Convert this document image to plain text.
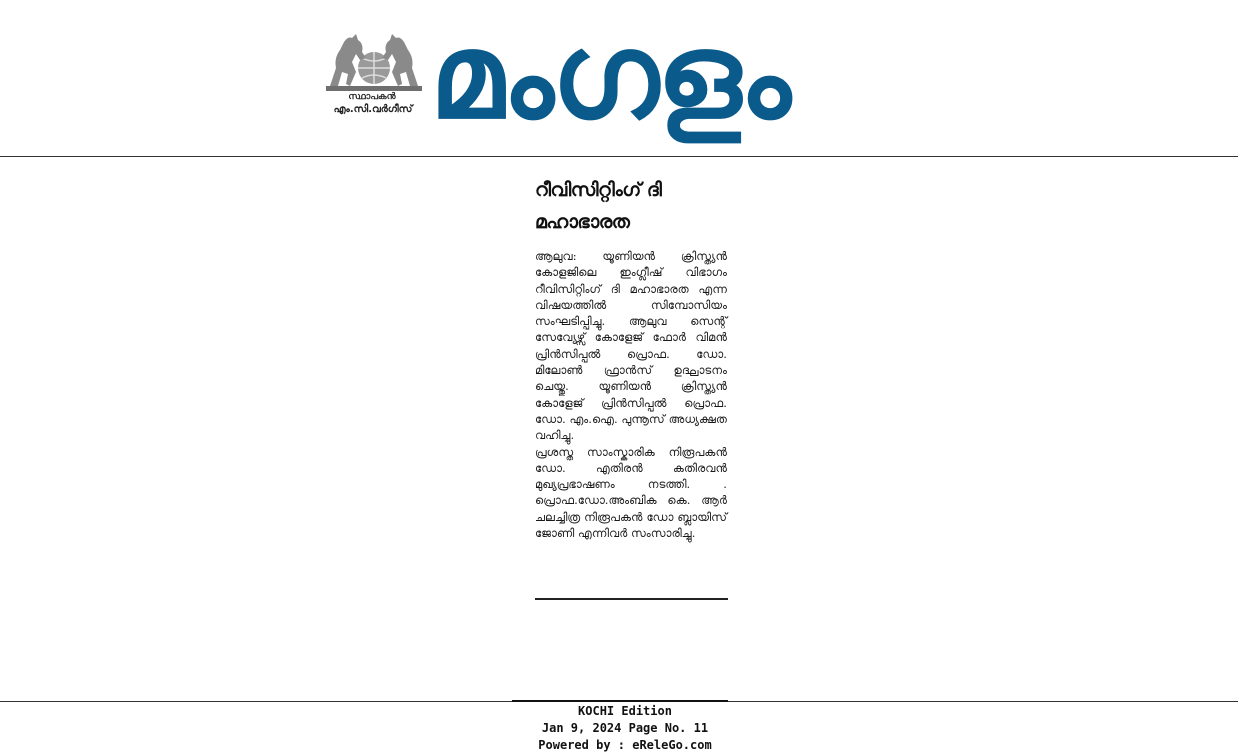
സ്ഥാപകൻ
എം.സി.വർഗീസ് മംഗളം
റീവിസിറ്റിംഗ് ദി
മഹാഭാരത

ആലുവ: യൂണിയൻ ക്രിസ്ത്യൻ കോളജിലെ ഇംഗ്ലീഷ് വിഭാഗം റീവിസിറ്റിംഗ് ദി മഹാഭാരത എന്ന വിഷയത്തിൽ സിമ്പോസിയം സംഘടിപ്പിച്ചു. ആലുവ സെന്റ് സേവ്യേഴ്സ് കോളേജ് ഫോർ വിമൻ പ്രിൻസിപ്പൽ പ്രൊഫ. ഡോ. മിലോൺ ഫ്രാൻസ് ഉദ്ഘാടനം ചെയ്തു. യൂണിയൻ ക്രിസ്ത്യൻ കോളേജ് പ്രിൻസിപ്പൽ പ്രൊഫ. ഡോ. എം.ഐ. പുന്നൂസ് അധ്യക്ഷത വഹിച്ചു.

പ്രശസ്ത സാംസ്കാരിക നിരൂപകൻ ഡോ. എതിരൻ കതിരവൻ മുഖ്യപ്രഭാഷണം നടത്തി. . പ്രൊഫ.ഡോ.അംബിക കെ. ആർ ചലച്ചിത്ര നിരൂപകൻ ഡോ ബ്ലായിസ് ജോണി എന്നിവർ സംസാരിച്ചു.

KOCHI Edition
Jan 9, 2024 Page No. 11
Powered by : eReleGo.com
